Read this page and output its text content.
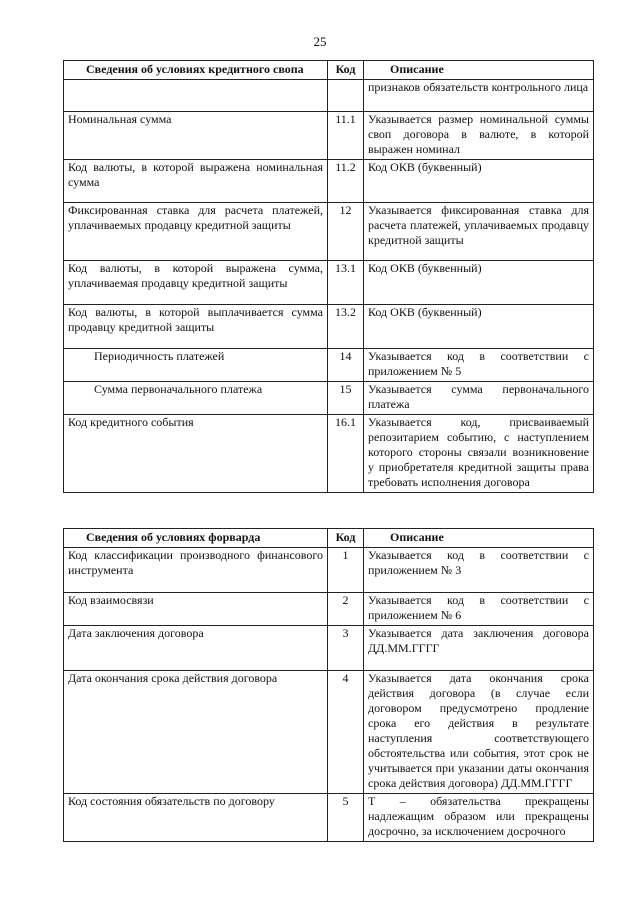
25
Сведения об условиях кредитного свопа	Код	Описание
		признаков обязательств контрольного лица
Номинальная сумма	11.1	Указывается размер номинальной суммы своп договора в валюте, в которой выражен номинал
Код валюты, в которой выражена номинальная сумма	11.2	Код ОКВ (буквенный)
Фиксированная ставка для расчета платежей, уплачиваемых продавцу кредитной защиты	12	Указывается фиксированная ставка для расчета платежей, уплачиваемых продавцу кредитной защиты
Код валюты, в которой выражена сумма, уплачиваемая продавцу кредитной защиты	13.1	Код ОКВ (буквенный)
Код валюты, в которой выплачивается сумма продавцу кредитной защиты	13.2	Код ОКВ (буквенный)
Периодичность платежей	14	Указывается код в соответствии с приложением № 5
Сумма первоначального платежа	15	Указывается сумма первоначального платежа
Код кредитного события	16.1	Указывается код, присваиваемый репозитарием событию, с наступлением которого стороны связали возникновение у приобретателя кредитной защиты права требовать исполнения договора
Сведения об условиях форварда	Код	Описание
Код классификации производного финансового инструмента	1	Указывается код в соответствии с приложением № 3
Код взаимосвязи	2	Указывается код в соответствии с приложением № 6
Дата заключения договора	3	Указывается дата заключения договора ДД.ММ.ГГГГ
Дата окончания срока действия договора	4	Указывается дата окончания срока действия договора (в случае если договором предусмотрено продление срока его действия в результате наступления соответствующего обстоятельства или события, этот срок не учитывается при указании даты окончания срока действия договора) ДД.ММ.ГГГГ
Код состояния обязательств по договору	5	Т – обязательства прекращены надлежащим образом или прекращены досрочно, за исключением досрочного
